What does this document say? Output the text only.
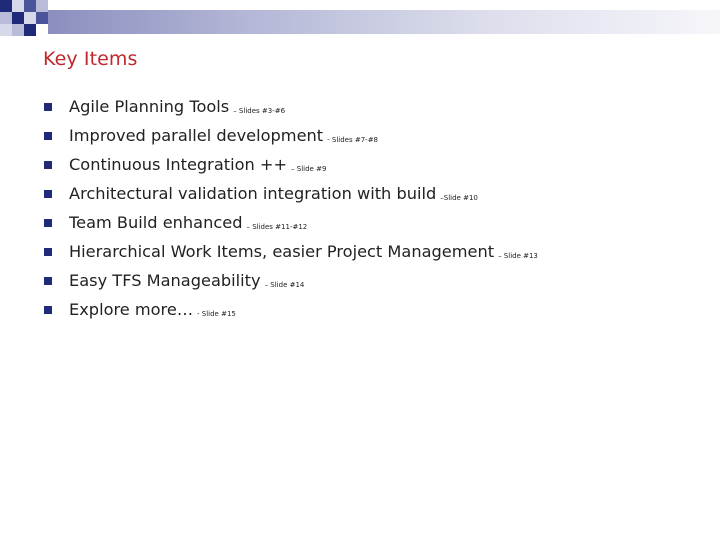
Key Items
Agile Planning Tools – Slides #3-#6
Improved parallel development - Slides #7-#8
Continuous Integration ++ – Slide #9
Architectural validation integration with build –Slide #10
Team Build enhanced – Slides #11-#12
Hierarchical Work Items, easier Project Management – Slide #13
Easy TFS Manageability – Slide #14
Explore more… - Slide #15
